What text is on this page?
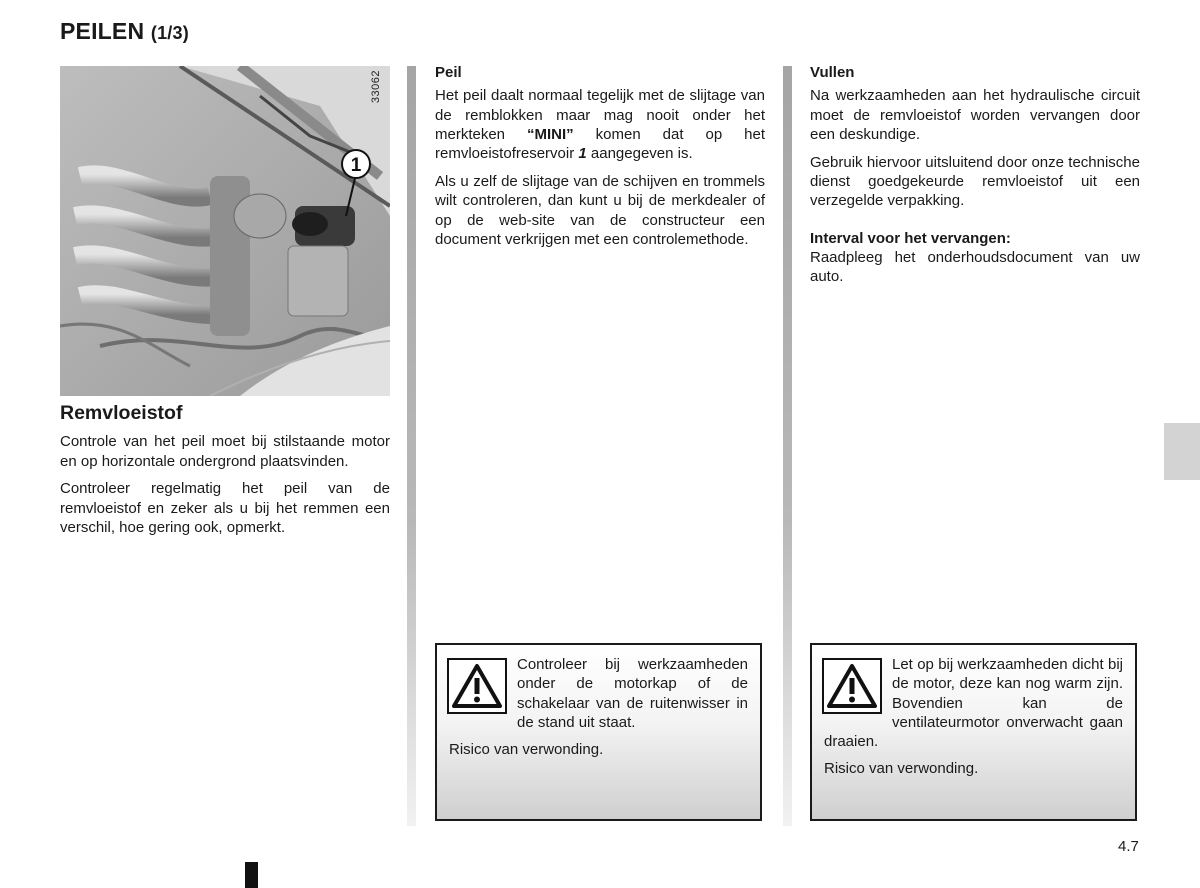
PEILEN (1/3)
1
33062

Remvloeistof

Controle van het peil moet bij stilstaande motor en op horizontale ondergrond plaatsvinden.

Controleer regelmatig het peil van de remvloeistof en zeker als u bij het remmen een verschil, hoe gering ook, opmerkt.

Peil

Het peil daalt normaal tegelijk met de slijtage van de remblokken maar mag nooit onder het merkteken “MINI” komen dat op het remvloeistofreservoir 1 aangegeven is.

Als u zelf de slijtage van de schijven en trommels wilt controleren, dan kunt u bij de merkdealer of op de web-site van de constructeur een document verkrijgen met een controlemethode.

Vullen

Na werkzaamheden aan het hydraulische circuit moet de remvloeistof worden vervangen door een deskundige.

Gebruik hiervoor uitsluitend door onze technische dienst goedgekeurde remvloeistof uit een verzegelde verpakking.

Interval voor het vervangen:

Raadpleeg het onderhoudsdocument van uw auto.

Controleer bij werkzaamheden onder de motorkap of de schakelaar van de ruitenwisser in de stand uit staat.

Risico van verwonding.

Let op bij werkzaamheden dicht bij de motor, deze kan nog warm zijn. Bovendien kan de ventilateurmotor onverwacht gaan draaien.

Risico van verwonding.

4.7
